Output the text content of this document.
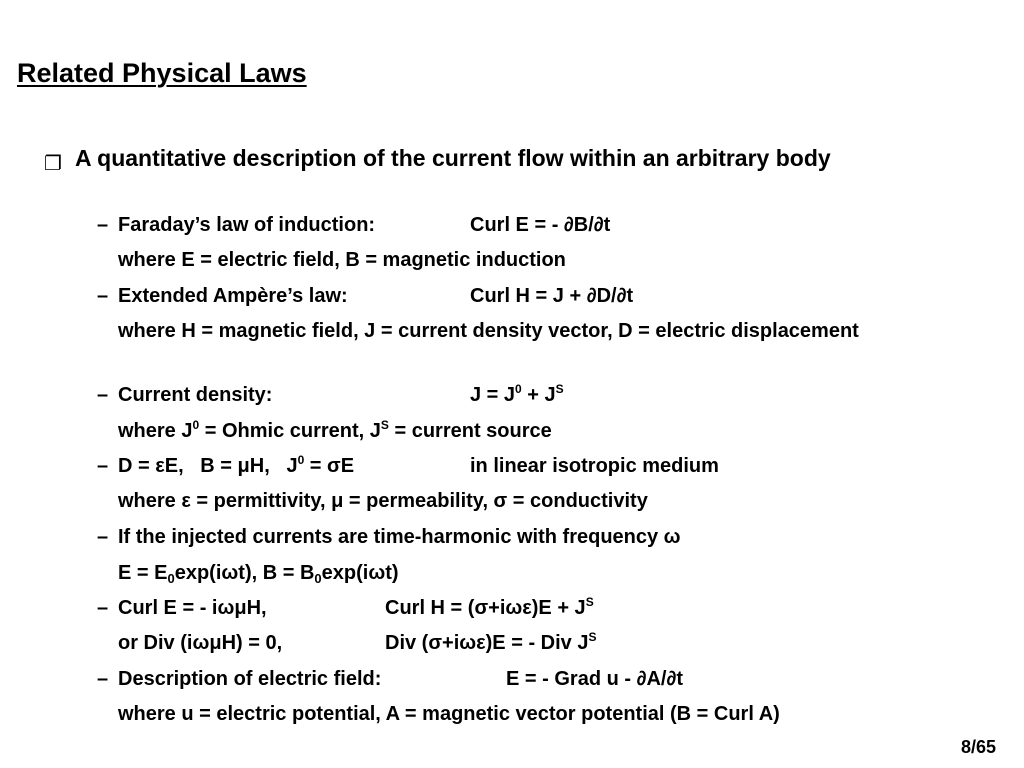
Related Physical Laws
❐ A quantitative description of the current flow within an arbitrary body
– Faraday’s law of induction:	Curl E = - ∂B/∂t
where E = electric field, B = magnetic induction
– Extended Ampère’s law:	Curl H = J + ∂D/∂t
where H = magnetic field, J = current density vector, D = electric displacement
– Current density:	$J = J^0 + J^S$
where $J^0$ = Ohmic current, $J^S$ = current source
– D = εE,   B = μH,   $J^0 = \sigma E$	in linear isotropic medium
where ε = permittivity, μ = permeability, σ = conductivity
– If the injected currents are time-harmonic with frequency ω
$E = E_0\exp(i\omega t)$, $B = B_0\exp(i\omega t)$
– Curl E = - iωμH,	Curl $H = (\sigma+i\omega\varepsilon)E + J^S$
or Div (iωμH) = 0,	Div (σ+iωε)E = - Div $J^S$
– Description of electric field:	E = - Grad u - ∂A/∂t
where u = electric potential, A = magnetic vector potential (B = Curl A)
8/65
